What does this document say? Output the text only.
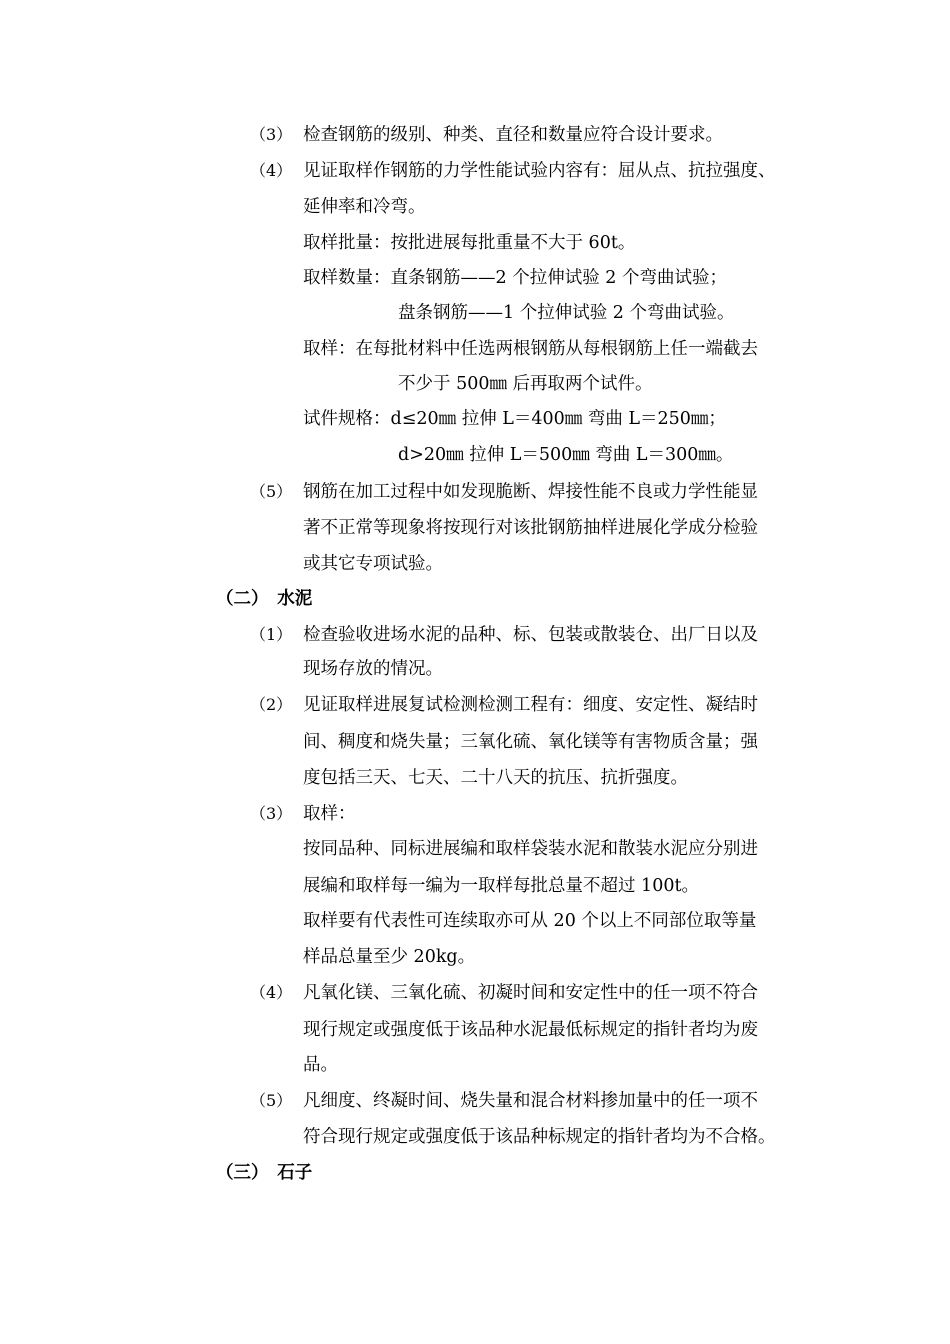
（3） 检查钢筋的级别、种类、直径和数量应符合设计要求。
（4） 见证取样作钢筋的力学性能试验内容有：屈从点、抗拉强度、
延伸率和冷弯。
取样批量：按批进展每批重量不大于 60t。
取样数量：直条钢筋——2 个拉伸试验 2 个弯曲试验；
盘条钢筋——1 个拉伸试验 2 个弯曲试验。
取样：在每批材料中任选两根钢筋从每根钢筋上任一端截去
不少于 500㎜ 后再取两个试件。
试件规格：d≤20㎜ 拉伸 L＝400㎜ 弯曲 L＝250㎜；
d>20㎜ 拉伸 L＝500㎜ 弯曲 L＝300㎜。
（5） 钢筋在加工过程中如发现脆断、焊接性能不良或力学性能显
著不正常等现象将按现行对该批钢筋抽样进展化学成分检验
或其它专项试验。
（二）　水泥
（1） 检查验收进场水泥的品种、标、包装或散装仓、出厂日以及
现场存放的情况。
（2） 见证取样进展复试检测检测工程有：细度、安定性、凝结时
间、稠度和烧失量；三氧化硫、氧化镁等有害物质含量；强
度包括三天、七天、二十八天的抗压、抗折强度。
（3） 取样：
按同品种、同标进展编和取样袋装水泥和散装水泥应分别进
展编和取样每一编为一取样每批总量不超过 100t。
取样要有代表性可连续取亦可从 20 个以上不同部位取等量
样品总量至少 20kg。
（4） 凡氧化镁、三氧化硫、初凝时间和安定性中的任一项不符合
现行规定或强度低于该品种水泥最低标规定的指针者均为废
品。
（5） 凡细度、终凝时间、烧失量和混合材料掺加量中的任一项不
符合现行规定或强度低于该品种标规定的指针者均为不合格。
（三）　石子
